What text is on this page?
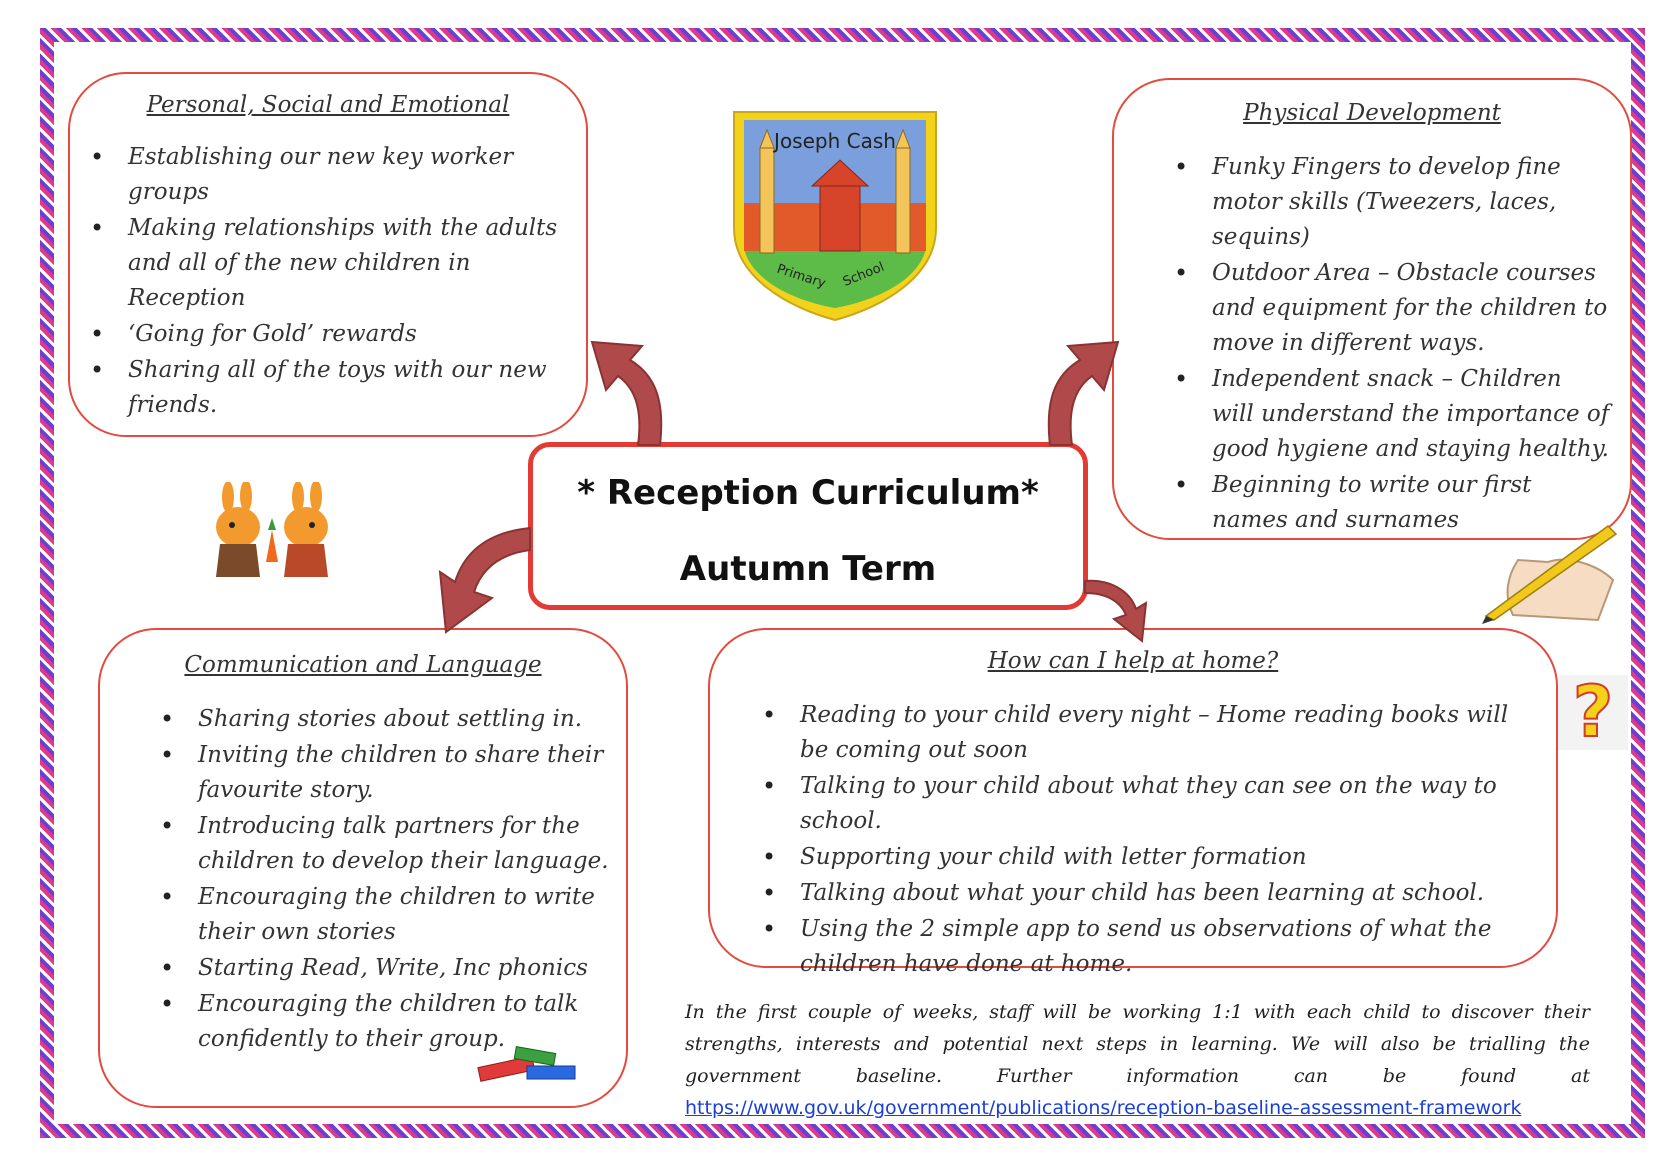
Personal, Social and Emotional
• Establishing our new key worker groups
• Making relationships with the adults and all of the new children in Reception
• ‘Going for Gold’ rewards
• Sharing all of the toys with our new friends.
Physical Development
• Funky Fingers to develop fine motor skills (Tweezers, laces, sequins)
• Outdoor Area – Obstacle courses and equipment for the children to move in different ways.
• Independent snack – Children will understand the importance of good hygiene and staying healthy.
• Beginning to write our first names and surnames
Communication and Language
• Sharing stories about settling in.
• Inviting the children to share their favourite story.
• Introducing talk partners for the children to develop their language.
• Encouraging the children to write their own stories
• Starting Read, Write, Inc phonics
• Encouraging the children to talk confidently to their group.
How can I help at home?
• Reading to your child every night – Home reading books will be coming out soon
• Talking to your child about what they can see on the way to school.
• Supporting your child with letter formation
• Talking about what your child has been learning at school.
• Using the 2 simple app to send us observations of what the children have done at home.
* Reception Curriculum*
Autumn Term
Joseph Cash
Primary School
?
In the first couple of weeks, staff will be working 1:1 with each child to discover their strengths, interests and potential next steps in learning. We will also be trialling the government baseline. Further information can be found at https://www.gov.uk/government/publications/reception-baseline-assessment-framework
